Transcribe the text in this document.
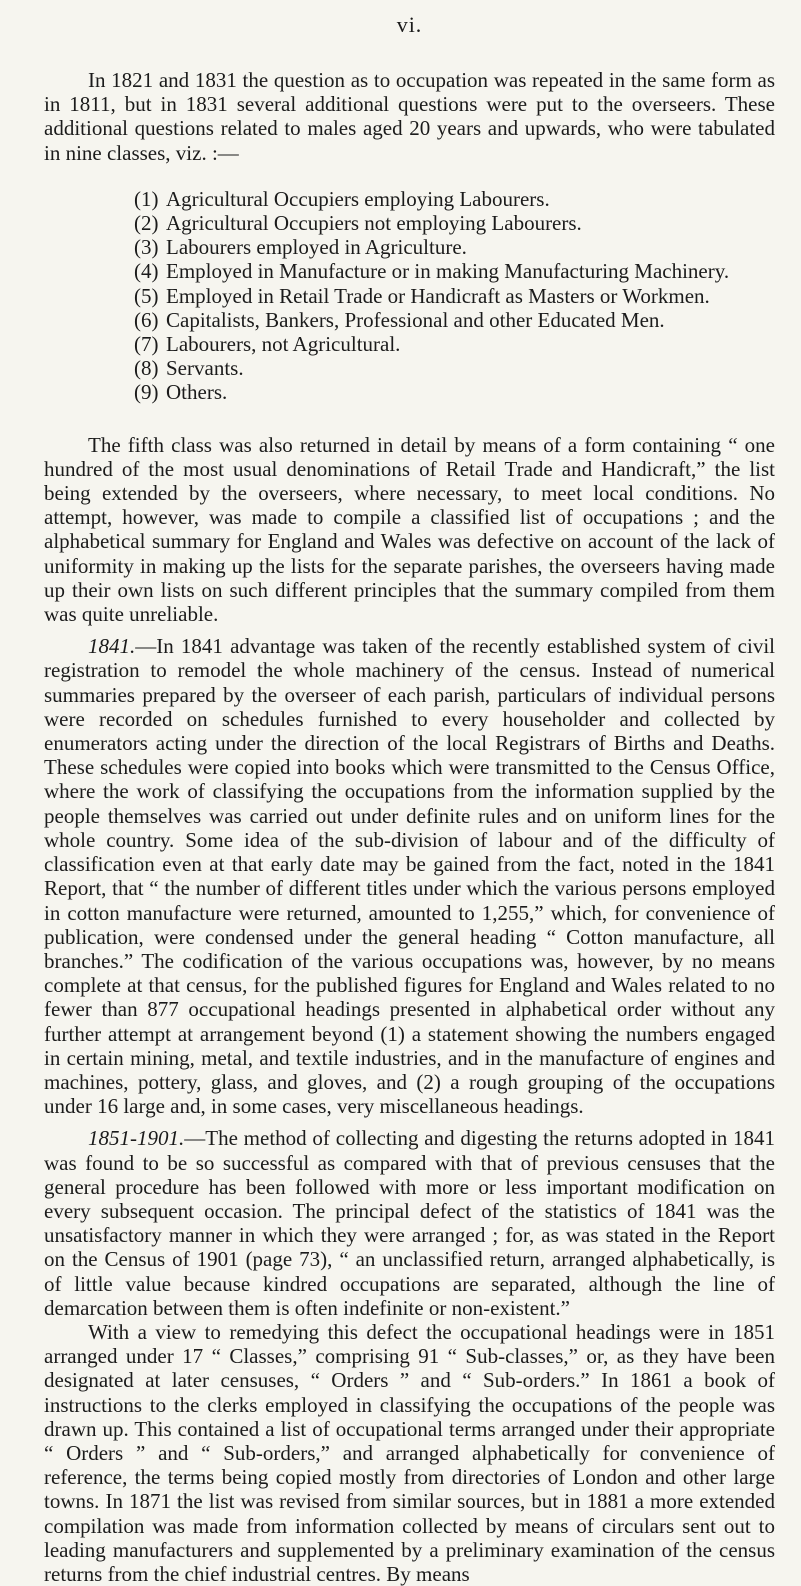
vi.

In 1821 and 1831 the question as to occupation was repeated in the same form as in 1811, but in 1831 several additional questions were put to the overseers. These additional questions related to males aged 20 years and upwards, who were tabulated in nine classes, viz. :—

(1) Agricultural Occupiers employing Labourers.
(2) Agricultural Occupiers not employing Labourers.
(3) Labourers employed in Agriculture.
(4) Employed in Manufacture or in making Manufacturing Machinery.
(5) Employed in Retail Trade or Handicraft as Masters or Workmen.
(6) Capitalists, Bankers, Professional and other Educated Men.
(7) Labourers, not Agricultural.
(8) Servants.
(9) Others.

The fifth class was also returned in detail by means of a form containing “ one hundred of the most usual denominations of Retail Trade and Handicraft,” the list being extended by the overseers, where necessary, to meet local conditions. No attempt, however, was made to compile a classified list of occupations ; and the alphabetical summary for England and Wales was defective on account of the lack of uniformity in making up the lists for the separate parishes, the overseers having made up their own lists on such different principles that the summary compiled from them was quite unreliable.

1841.—In 1841 advantage was taken of the recently established system of civil registration to remodel the whole machinery of the census. Instead of numerical summaries prepared by the overseer of each parish, particulars of individual persons were recorded on schedules furnished to every householder and collected by enumerators acting under the direction of the local Registrars of Births and Deaths. These schedules were copied into books which were transmitted to the Census Office, where the work of classifying the occupations from the information supplied by the people themselves was carried out under definite rules and on uniform lines for the whole country. Some idea of the sub-division of labour and of the difficulty of classification even at that early date may be gained from the fact, noted in the 1841 Report, that “ the number of different titles under which the various persons employed in cotton manufacture were returned, amounted to 1,255,” which, for convenience of publication, were condensed under the general heading “ Cotton manufacture, all branches.” The codification of the various occupations was, however, by no means complete at that census, for the published figures for England and Wales related to no fewer than 877 occupational headings presented in alphabetical order without any further attempt at arrangement beyond (1) a statement showing the numbers engaged in certain mining, metal, and textile industries, and in the manufacture of engines and machines, pottery, glass, and gloves, and (2) a rough grouping of the occupations under 16 large and, in some cases, very miscellaneous headings.

1851-1901.—The method of collecting and digesting the returns adopted in 1841 was found to be so successful as compared with that of previous censuses that the general procedure has been followed with more or less important modification on every subsequent occasion. The principal defect of the statistics of 1841 was the unsatisfactory manner in which they were arranged ; for, as was stated in the Report on the Census of 1901 (page 73), “ an unclassified return, arranged alphabetically, is of little value because kindred occupations are separated, although the line of demarcation between them is often indefinite or non-existent.”

With a view to remedying this defect the occupational headings were in 1851 arranged under 17 “ Classes,” comprising 91 “ Sub-classes,” or, as they have been designated at later censuses, “ Orders ” and “ Sub-orders.” In 1861 a book of instructions to the clerks employed in classifying the occupations of the people was drawn up. This contained a list of occupational terms arranged under their appropriate “ Orders ” and “ Sub-orders,” and arranged alphabetically for convenience of reference, the terms being copied mostly from directories of London and other large towns. In 1871 the list was revised from similar sources, but in 1881 a more extended compilation was made from information collected by means of circulars sent out to leading manufacturers and supplemented by a preliminary examination of the census returns from the chief industrial centres. By means
